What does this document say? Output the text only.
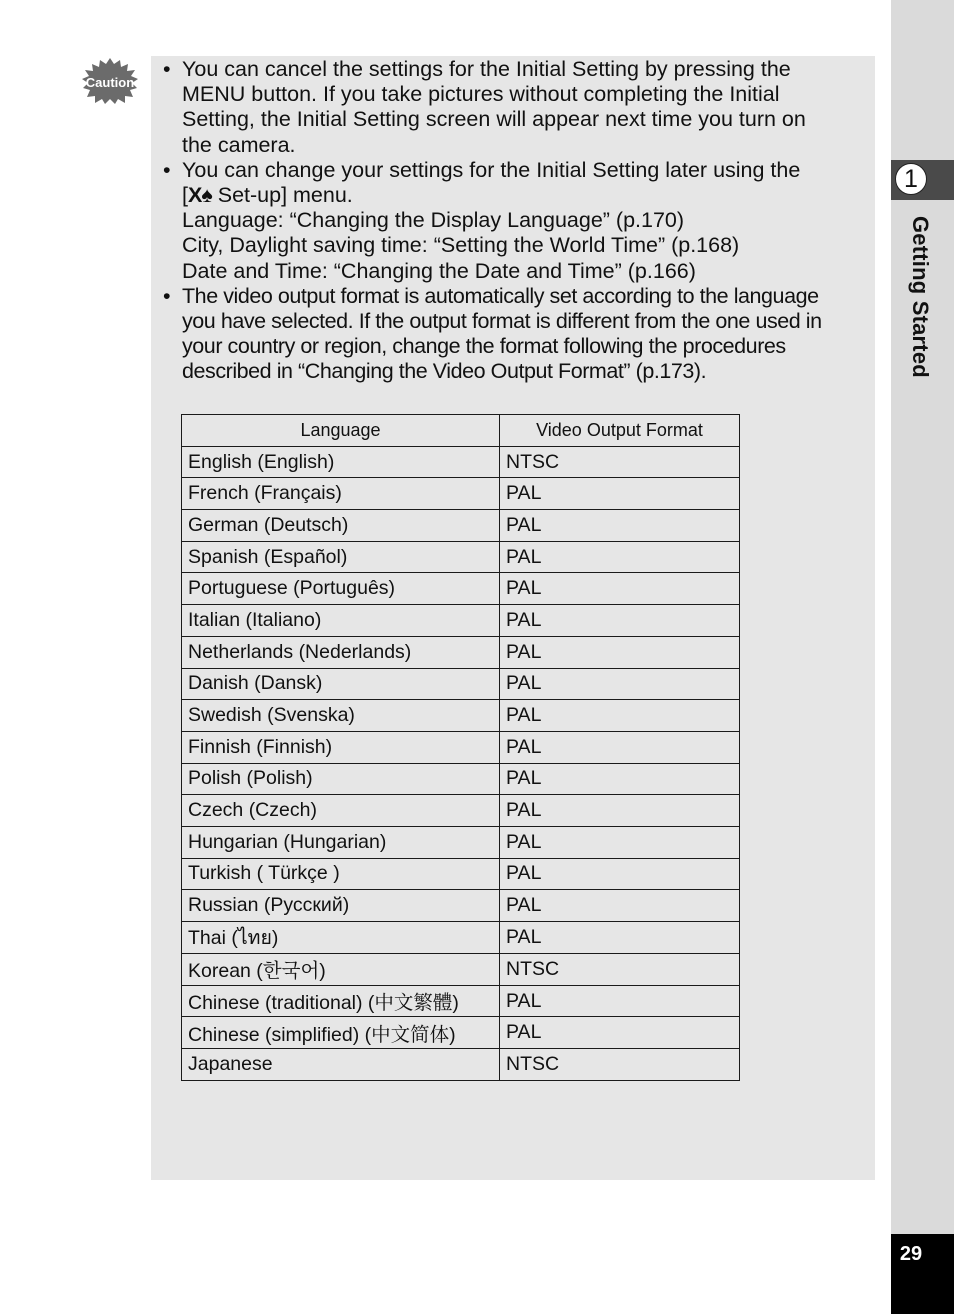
Caution
• You can cancel the settings for the Initial Setting by pressing the
MENU button. If you take pictures without completing the Initial
Setting, the Initial Setting screen will appear next time you turn on
the camera.
• You can change your settings for the Initial Setting later using the
[X♠ Set-up] menu.
Language: “Changing the Display Language” (p.170)
City, Daylight saving time: “Setting the World Time” (p.168)
Date and Time: “Changing the Date and Time” (p.166)
• The video output format is automatically set according to the language
you have selected. If the output format is different from the one used in
your country or region, change the format following the procedures
described in “Changing the Video Output Format” (p.173).
Language	Video Output Format
English (English)	NTSC
French (Français)	PAL
German (Deutsch)	PAL
Spanish (Español)	PAL
Portuguese (Português)	PAL
Italian (Italiano)	PAL
Netherlands (Nederlands)	PAL
Danish (Dansk)	PAL
Swedish (Svenska)	PAL
Finnish (Finnish)	PAL
Polish (Polish)	PAL
Czech (Czech)	PAL
Hungarian (Hungarian)	PAL
Turkish ( Türkçe )	PAL
Russian (Русский)	PAL
Thai (ไทย)	PAL
Korean (한국어)	NTSC
Chinese (traditional) (中文繁體)	PAL
Chinese (simplified) (中文简体)	PAL
Japanese	NTSC
1
Getting Started
29
